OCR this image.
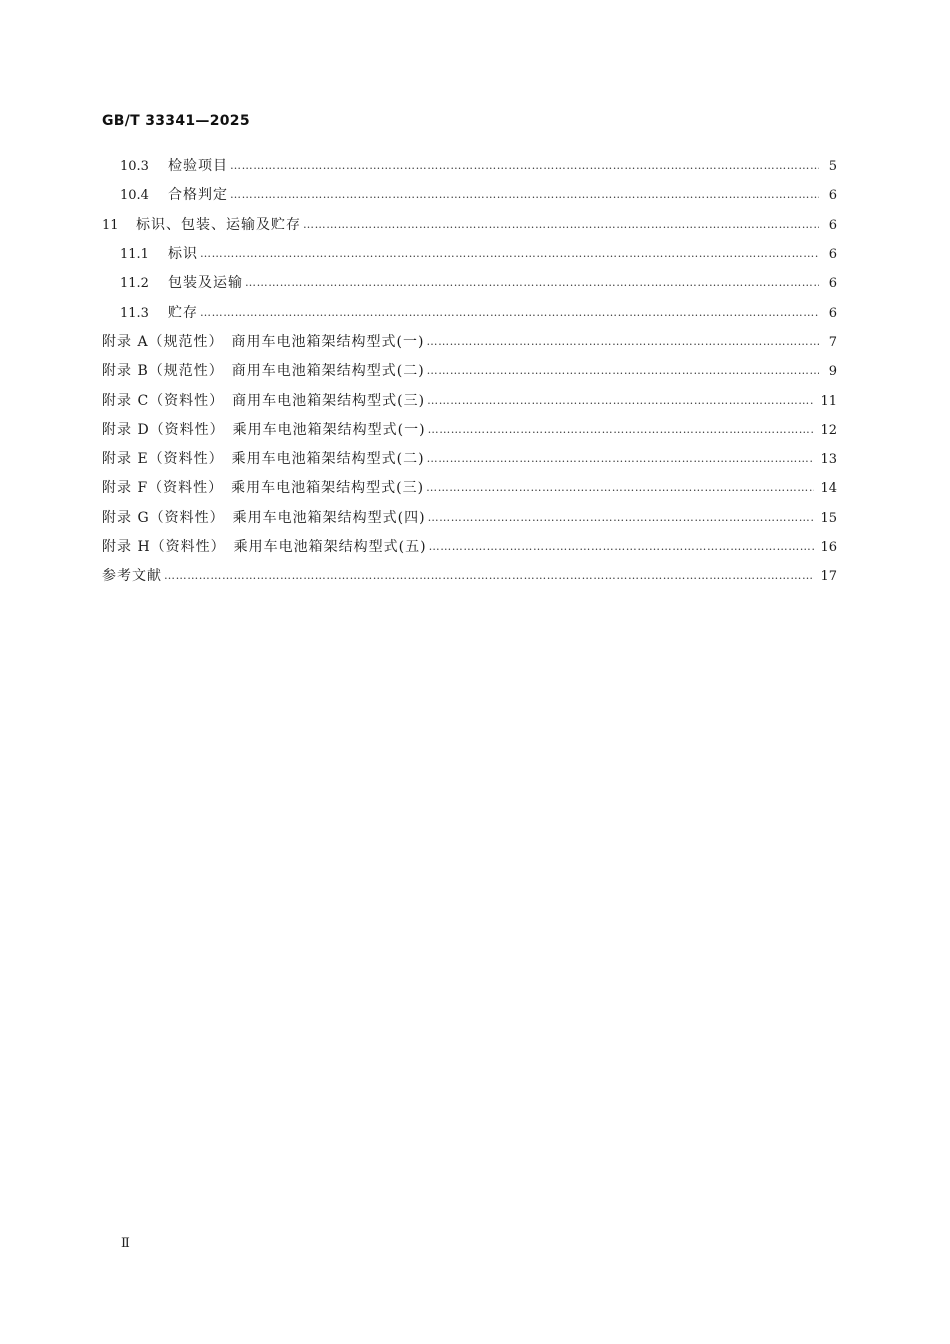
GB/T 33341—2025
10.3	检验项目 ……………………………………………………………………………………………………………………………………………………………………………………………………	5
10.4	合格判定 ……………………………………………………………………………………………………………………………………………………………………………………………………	6
11	标识、包装、运输及贮存 ……………………………………………………………………………………………………………………………………………………………………………………………………	6
11.1	标识 ……………………………………………………………………………………………………………………………………………………………………………………………………	6
11.2	包装及运输 ……………………………………………………………………………………………………………………………………………………………………………………………………	6
11.3	贮存 ……………………………………………………………………………………………………………………………………………………………………………………………………	6
附录 A（规范性）　商用车电池箱架结构型式(一) ……………………………………………………………………………………………………………………………………………………………………………………………………	7
附录 B（规范性）　商用车电池箱架结构型式(二) ……………………………………………………………………………………………………………………………………………………………………………………………………	9
附录 C（资料性）　商用车电池箱架结构型式(三) ……………………………………………………………………………………………………………………………………………………………………………………………………	11
附录 D（资料性）　乘用车电池箱架结构型式(一) ……………………………………………………………………………………………………………………………………………………………………………………………………	12
附录 E（资料性）　乘用车电池箱架结构型式(二) ……………………………………………………………………………………………………………………………………………………………………………………………………	13
附录 F（资料性）　乘用车电池箱架结构型式(三) ……………………………………………………………………………………………………………………………………………………………………………………………………	14
附录 G（资料性）　乘用车电池箱架结构型式(四) ……………………………………………………………………………………………………………………………………………………………………………………………………	15
附录 H（资料性）　乘用车电池箱架结构型式(五) ……………………………………………………………………………………………………………………………………………………………………………………………………	16
参考文献 ……………………………………………………………………………………………………………………………………………………………………………………………………	17
Ⅱ
